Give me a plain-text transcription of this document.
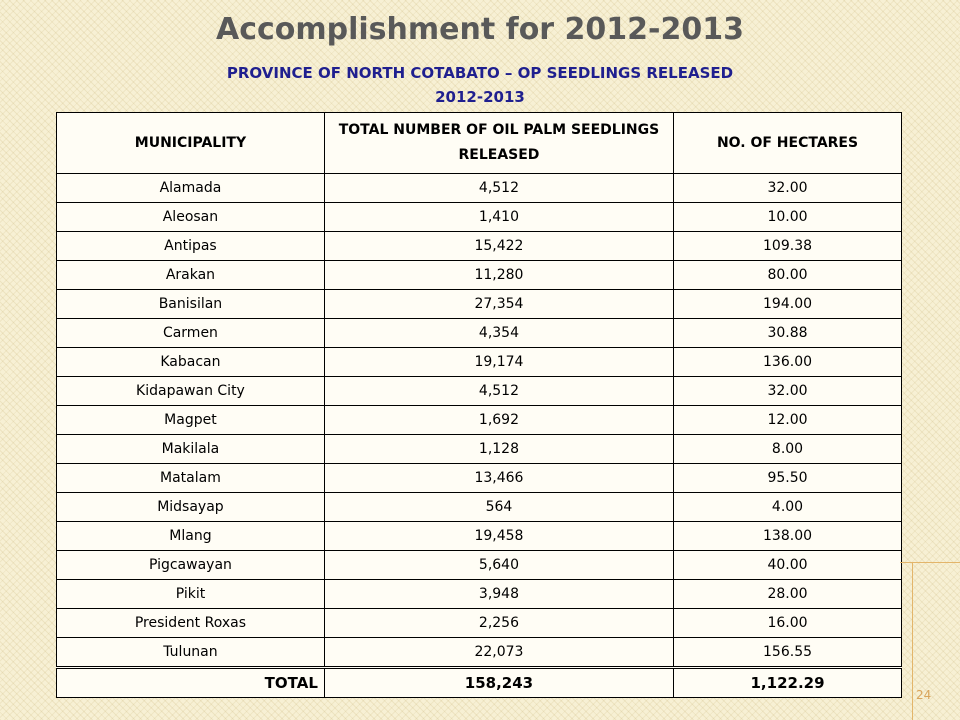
Accomplishment for 2012-2013
PROVINCE OF NORTH COTABATO – OP SEEDLINGS RELEASED
2012-2013
MUNICIPALITY	TOTAL NUMBER OF OIL PALM SEEDLINGS RELEASED	NO. OF HECTARES
Alamada	4,512	32.00
Aleosan	1,410	10.00
Antipas	15,422	109.38
Arakan	11,280	80.00
Banisilan	27,354	194.00
Carmen	4,354	30.88
Kabacan	19,174	136.00
Kidapawan City	4,512	32.00
Magpet	1,692	12.00
Makilala	1,128	8.00
Matalam	13,466	95.50
Midsayap	564	4.00
Mlang	19,458	138.00
Pigcawayan	5,640	40.00
Pikit	3,948	28.00
President Roxas	2,256	16.00
Tulunan	22,073	156.55
TOTAL	158,243	1,122.29
24
